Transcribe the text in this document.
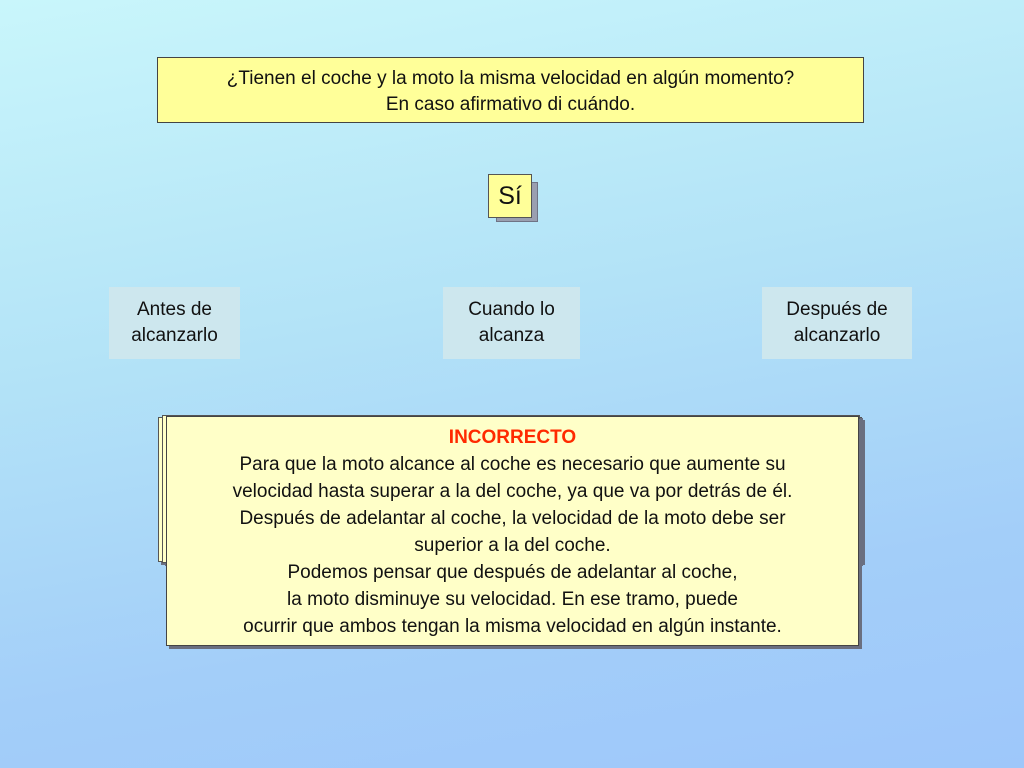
¿Tienen el coche y la moto la misma velocidad en algún momento?
En caso afirmativo di cuándo.
Sí
Antes de
alcanzarlo
Cuando lo
alcanza
Después de
alcanzarlo
INCORRECTO
Para que la moto alcance al coche es necesario que aumente su
velocidad hasta superar a la del coche, ya que va por detrás de él.
Después de adelantar al coche, la velocidad de la moto debe ser
superior a la del coche.
Podemos pensar que después de adelantar al coche,
la moto disminuye su velocidad. En ese tramo, puede
ocurrir que ambos tengan la misma velocidad en algún instante.
